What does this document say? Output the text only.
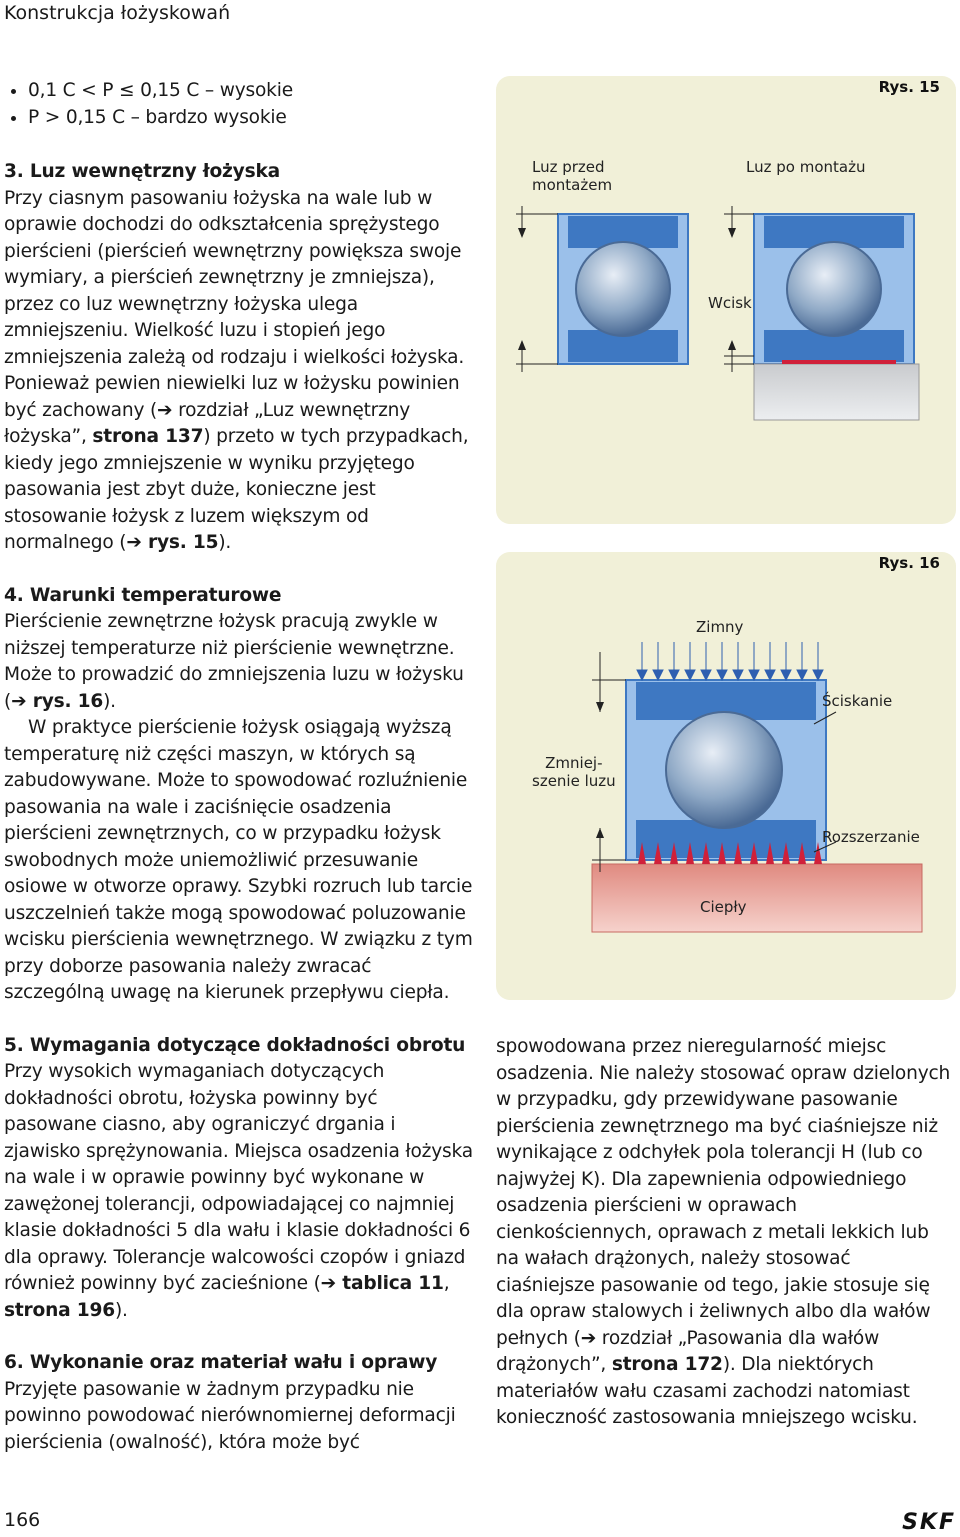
Konstrukcja łożyskowań
• 0,1 C < P ≤ 0,15 C – wysokie
• P > 0,15 C – bardzo wysokie
3. Luz wewnętrzny łożyska

Przy ciasnym pasowaniu łożyska na wale lub w oprawie dochodzi do odkształcenia sprężystego pierścieni (pierścień wewnętrzny powiększa swoje wymiary, a pierścień zewnętrzny je zmniejsza), przez co luz wewnętrzny łożyska ulega zmniejszeniu. Wielkość luzu i stopień jego zmniejszenia zależą od rodzaju i wielkości łożyska.

Ponieważ pewien niewielki luz w łożysku powinien być zachowany (➔ rozdział „Luz wewnętrzny łożyska”, strona 137) przeto w tych przypadkach, kiedy jego zmniejszenie w wyniku przyjętego pasowania jest zbyt duże, konieczne jest stosowanie łożysk z luzem większym od normalnego (➔ rys. 15).

4. Warunki temperaturowe

Pierścienie zewnętrzne łożysk pracują zwykle w niższej temperaturze niż pierścienie wewnętrzne. Może to prowadzić do zmniejszenia luzu w łożysku (➔ rys. 16).

W praktyce pierścienie łożysk osiągają wyższą temperaturę niż części maszyn, w których są zabudowywane. Może to spowodować rozluźnienie pasowania na wale i zaciśnięcie osadzenia pierścieni zewnętrznych, co w przypadku łożysk swobodnych może uniemożliwić przesuwanie osiowe w otworze oprawy. Szybki rozruch lub tarcie uszczelnień także mogą spowodować poluzowanie wcisku pierścienia wewnętrznego. W związku z tym przy doborze pasowania należy zwracać szczególną uwagę na kierunek przepływu ciepła.

5. Wymagania dotyczące dokładności obrotu

Przy wysokich wymaganiach dotyczących dokładności obrotu, łożyska powinny być pasowane ciasno, aby ograniczyć drgania i zjawisko sprężynowania. Miejsca osadzenia łożyska na wale i w oprawie powinny być wykonane w zawężonej tolerancji, odpowiadającej co najmniej klasie dokładności 5 dla wału i klasie dokładności 6 dla oprawy. Tolerancje walcowości czopów i gniazd również powinny być zacieśnione (➔ tablica 11, strona 196).

6. Wykonanie oraz materiał wału i oprawy

Przyjęte pasowanie w żadnym przypadku nie powinno powodować nierównomiernej deformacji pierścienia (owalność), która może być

Rys. 15
Luz przed
montażem
Luz po montażu
Wcisk
Rys. 16
Zimny
Ściskanie
Zmniej-
szenie luzu
Rozszerzanie
Ciepły

spowodowana przez nieregularność miejsc osadzenia. Nie należy stosować opraw dzielonych w przypadku, gdy przewidywane pasowanie pierścienia zewnętrznego ma być ciaśniejsze niż wynikające z odchyłek pola tolerancji H (lub co najwyżej K). Dla zapewnienia odpowiedniego osadzenia pierścieni w oprawach cienkościennych, oprawach z metali lekkich lub na wałach drążonych, należy stosować ciaśniejsze pasowanie od tego, jakie stosuje się dla opraw stalowych i żeliwnych albo dla wałów pełnych (➔ rozdział „Pasowania dla wałów drążonych”, strona 172). Dla niektórych materiałów wału czasami zachodzi natomiast konieczność zastosowania mniejszego wcisku.

166	SKF
